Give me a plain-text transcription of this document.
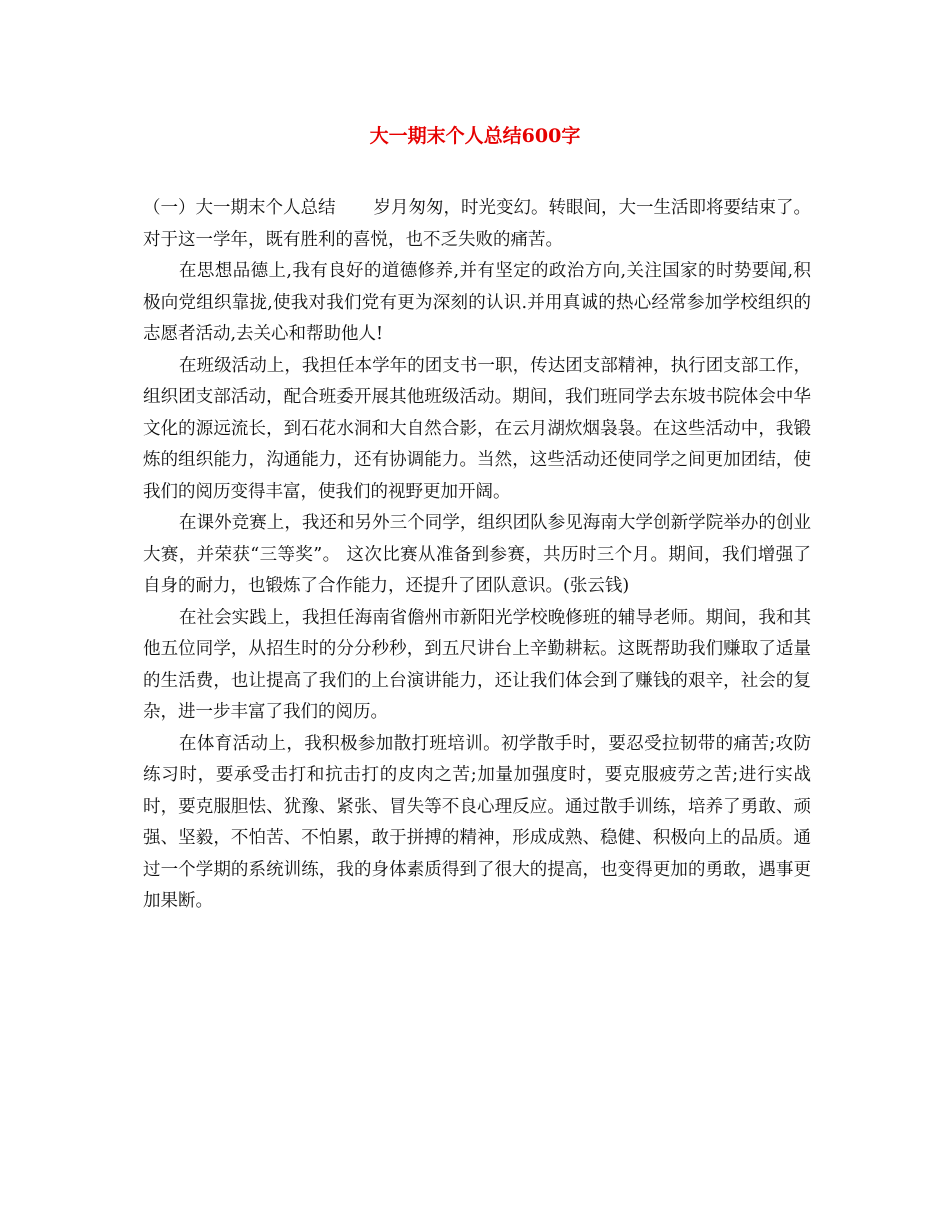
大一期末个人总结600字

（一）大一期末个人总结 岁月匆匆，时光变幻。转眼间，大一生活即将要结束了。对于这一学年，既有胜利的喜悦，也不乏失败的痛苦。

在思想品德上,我有良好的道德修养,并有坚定的政治方向,关注国家的时势要闻,积极向党组织靠拢,使我对我们党有更为深刻的认识.并用真诚的热心经常参加学校组织的志愿者活动,去关心和帮助他人!

在班级活动上，我担任本学年的团支书一职，传达团支部精神，执行团支部工作，组织团支部活动，配合班委开展其他班级活动。期间，我们班同学去东坡书院体会中华文化的源远流长，到石花水洞和大自然合影，在云月湖炊烟袅袅。在这些活动中，我锻炼的组织能力，沟通能力，还有协调能力。当然，这些活动还使同学之间更加团结，使我们的阅历变得丰富，使我们的视野更加开阔。

在课外竞赛上，我还和另外三个同学，组织团队参见海南大学创新学院举办的创业大赛，并荣获“三等奖”。 这次比赛从准备到参赛，共历时三个月。期间，我们增强了自身的耐力，也锻炼了合作能力，还提升了团队意识。(张云钱)

在社会实践上，我担任海南省儋州市新阳光学校晚修班的辅导老师。期间，我和其他五位同学，从招生时的分分秒秒，到五尺讲台上辛勤耕耘。这既帮助我们赚取了适量的生活费，也让提高了我们的上台演讲能力，还让我们体会到了赚钱的艰辛，社会的复杂，进一步丰富了我们的阅历。

在体育活动上，我积极参加散打班培训。初学散手时，要忍受拉韧带的痛苦;攻防练习时，要承受击打和抗击打的皮肉之苦;加量加强度时，要克服疲劳之苦;进行实战时，要克服胆怯、犹豫、紧张、冒失等不良心理反应。通过散手训练，培养了勇敢、顽强、坚毅，不怕苦、不怕累，敢于拼搏的精神，形成成熟、稳健、积极向上的品质。通过一个学期的系统训练，我的身体素质得到了很大的提高，也变得更加的勇敢，遇事更加果断。
